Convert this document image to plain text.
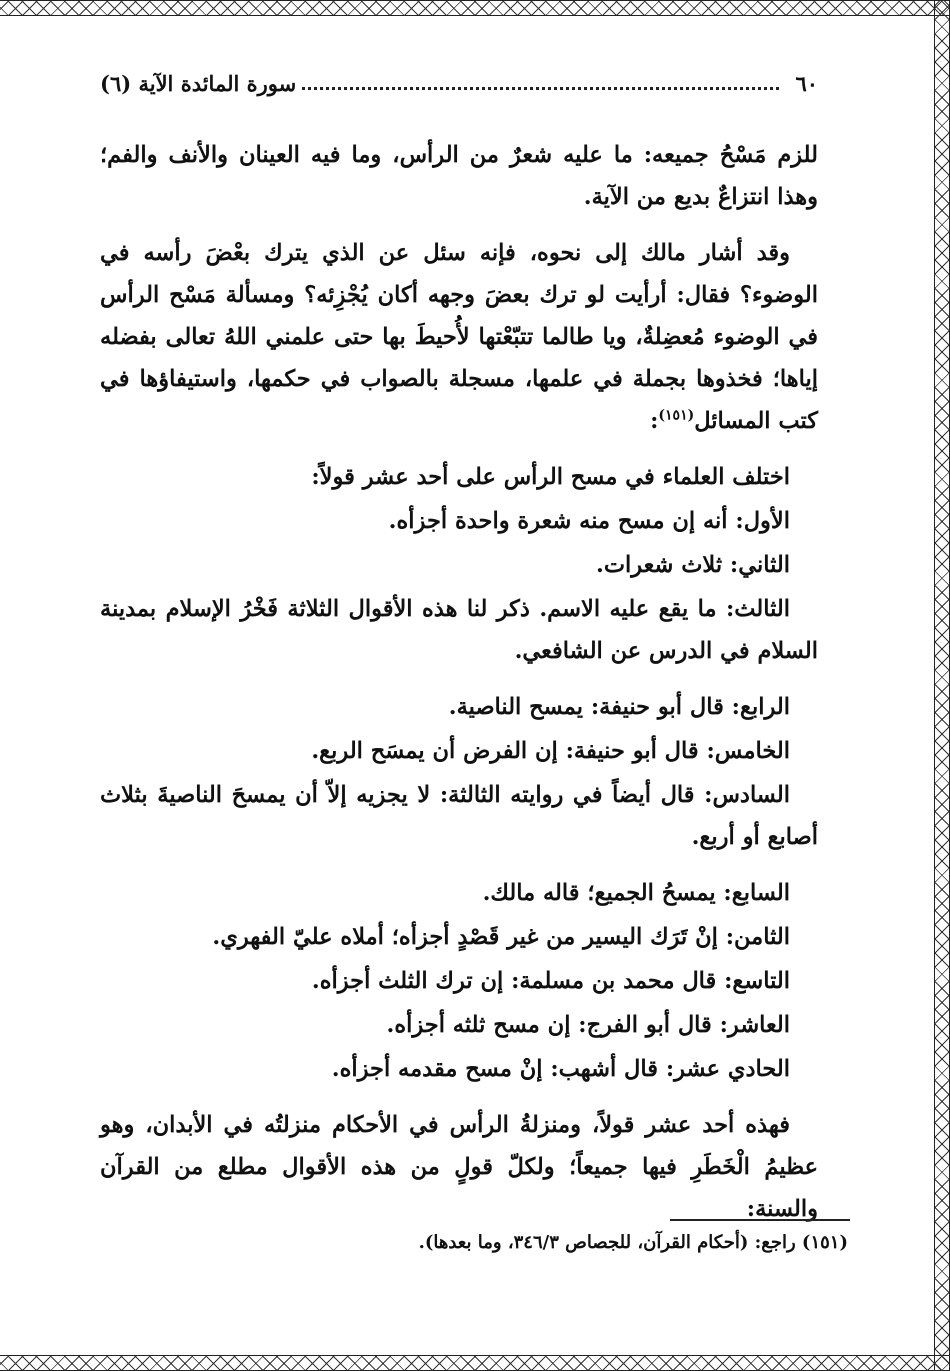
٦٠
سورة المائدة الآية (٦)

للزم مَسْحُ جميعه: ما عليه شعرٌ من الرأس، وما فيه العينان والأنف والفم؛ وهذا انتزاعٌ بديع من الآية.

وقد أشار مالك إلى نحوه، فإنه سئل عن الذي يترك بعْضَ رأسه في الوضوء؟ فقال: أرأيت لو ترك بعضَ وجهه أكان يُجْزِئه؟ ومسألة مَسْح الرأس في الوضوء مُعضِلةٌ، ويا طالما تتبّعْتها لأُحيطَ بها حتى علمني اللهُ تعالى بفضله إياها؛ فخذوها بجملة في علمها، مسجلة بالصواب في حكمها، واستيفاؤها في كتب المسائل$^{(١٥١)}$:

اختلف العلماء في مسح الرأس على أحد عشر قولاً:

الأول: أنه إن مسح منه شعرة واحدة أجزأه.

الثاني: ثلاث شعرات.

الثالث: ما يقع عليه الاسم. ذكر لنا هذه الأقوال الثلاثة فَخْرُ الإسلام بمدينة السلام في الدرس عن الشافعي.

الرابع: قال أبو حنيفة: يمسح الناصية.

الخامس: قال أبو حنيفة: إن الفرض أن يمسَح الربع.

السادس: قال أيضاً في روايته الثالثة: لا يجزيه إلاّ أن يمسحَ الناصيةَ بثلاث أصابع أو أربع.

السابع: يمسحُ الجميع؛ قاله مالك.

الثامن: إنْ تَرَك اليسير من غير قَصْدٍ أجزأه؛ أملاه عليّ الفهري.

التاسع: قال محمد بن مسلمة: إن ترك الثلث أجزأه.

العاشر: قال أبو الفرج: إن مسح ثلثه أجزأه.

الحادي عشر: قال أشهب: إنْ مسح مقدمه أجزأه.

فهذه أحد عشر قولاً، ومنزلةُ الرأس في الأحكام منزلتُه في الأبدان، وهو عظيمُ الْخَطَرِ فيها جميعاً؛ ولكلّ قولٍ من هذه الأقوال مطلع من القرآن والسنة:

(١٥١) راجع: (أحكام القرآن، للجصاص ٣٤٦/٣، وما بعدها).
